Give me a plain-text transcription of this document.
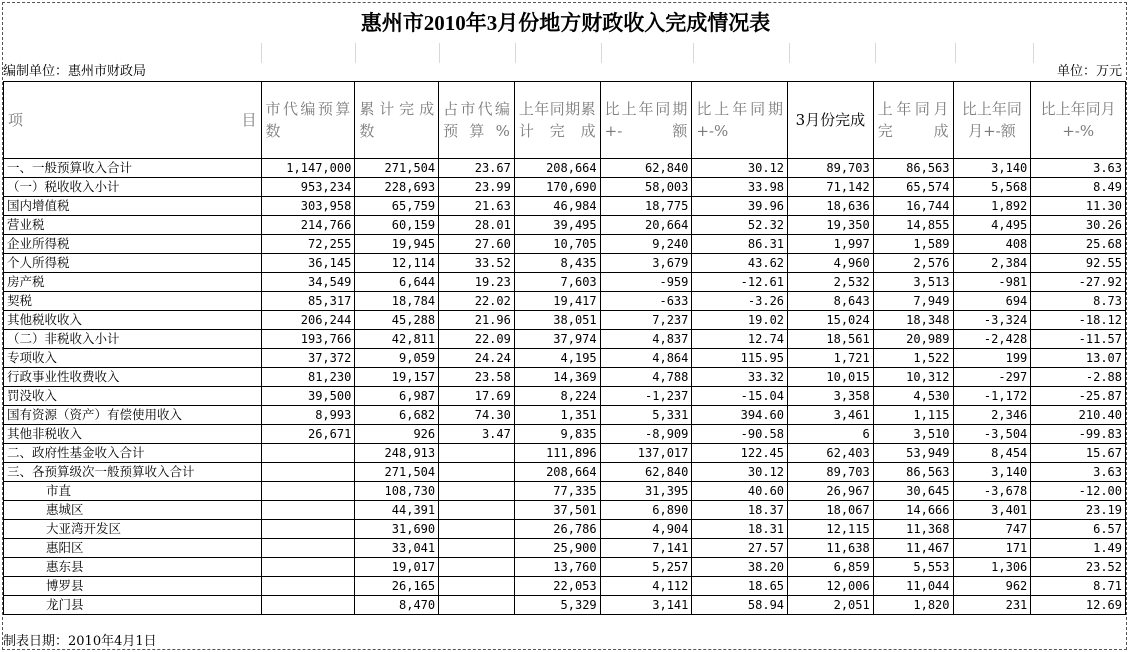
惠州市2010年3月份地方财政收入完成情况表
编制单位：惠州市财政局	单位：万元
项 目	市代编预算数	累计完成数	占市代编预算%	上年同期累计完成	比上年同期+-额	比上年同期+-%	3月份完成	上年同月完成	比上年同月+-额	比上年同月+-%
一、一般预算收入合计	1,147,000	271,504	23.67	208,664	62,840	30.12	89,703	86,563	3,140	3.63
（一）税收收入小计	953,234	228,693	23.99	170,690	58,003	33.98	71,142	65,574	5,568	8.49
国内增值税	303,958	65,759	21.63	46,984	18,775	39.96	18,636	16,744	1,892	11.30
营业税	214,766	60,159	28.01	39,495	20,664	52.32	19,350	14,855	4,495	30.26
企业所得税	72,255	19,945	27.60	10,705	9,240	86.31	1,997	1,589	408	25.68
个人所得税	36,145	12,114	33.52	8,435	3,679	43.62	4,960	2,576	2,384	92.55
房产税	34,549	6,644	19.23	7,603	-959	-12.61	2,532	3,513	-981	-27.92
契税	85,317	18,784	22.02	19,417	-633	-3.26	8,643	7,949	694	8.73
其他税收收入	206,244	45,288	21.96	38,051	7,237	19.02	15,024	18,348	-3,324	-18.12
（二）非税收入小计	193,766	42,811	22.09	37,974	4,837	12.74	18,561	20,989	-2,428	-11.57
专项收入	37,372	9,059	24.24	4,195	4,864	115.95	1,721	1,522	199	13.07
行政事业性收费收入	81,230	19,157	23.58	14,369	4,788	33.32	10,015	10,312	-297	-2.88
罚没收入	39,500	6,987	17.69	8,224	-1,237	-15.04	3,358	4,530	-1,172	-25.87
国有资源（资产）有偿使用收入	8,993	6,682	74.30	1,351	5,331	394.60	3,461	1,115	2,346	210.40
其他非税收入	26,671	926	3.47	9,835	-8,909	-90.58	6	3,510	-3,504	-99.83
二、政府性基金收入合计		248,913		111,896	137,017	122.45	62,403	53,949	8,454	15.67
三、各预算级次一般预算收入合计		271,504		208,664	62,840	30.12	89,703	86,563	3,140	3.63
市直		108,730		77,335	31,395	40.60	26,967	30,645	-3,678	-12.00
惠城区		44,391		37,501	6,890	18.37	18,067	14,666	3,401	23.19
大亚湾开发区		31,690		26,786	4,904	18.31	12,115	11,368	747	6.57
惠阳区		33,041		25,900	7,141	27.57	11,638	11,467	171	1.49
惠东县		19,017		13,760	5,257	38.20	6,859	5,553	1,306	23.52
博罗县		26,165		22,053	4,112	18.65	12,006	11,044	962	8.71
龙门县		8,470		5,329	3,141	58.94	2,051	1,820	231	12.69
制表日期：2010年4月1日
